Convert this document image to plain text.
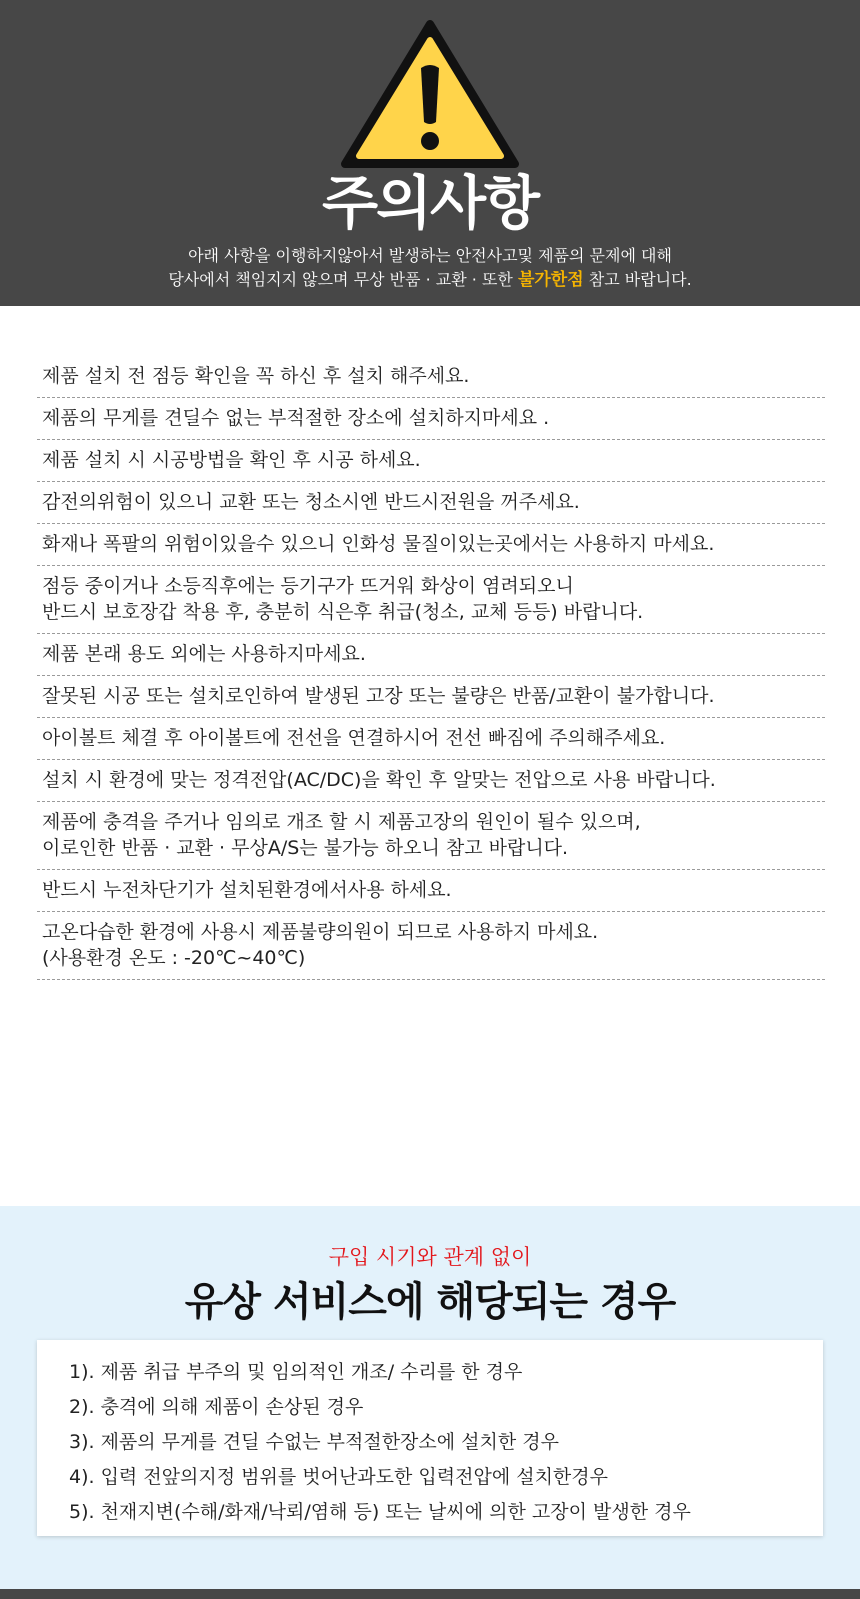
주의사항
아래 사항을 이행하지않아서 발생하는 안전사고및 제품의 문제에 대해
당사에서 책임지지 않으며 무상 반품 · 교환 · 또한 불가한점 참고 바랍니다.
제품 설치 전 점등 확인을 꼭 하신 후 설치 해주세요.
제품의 무게를 견딜수 없는 부적절한 장소에 설치하지마세요 .
제품 설치 시 시공방법을 확인 후 시공 하세요.
감전의위험이 있으니 교환 또는 청소시엔 반드시전원을 꺼주세요.
화재나 폭팔의 위험이있을수 있으니 인화성 물질이있는곳에서는 사용하지 마세요.
점등 중이거나 소등직후에는 등기구가 뜨거워 화상이 염려되오니
반드시 보호장갑 착용 후, 충분히 식은후 취급(청소, 교체 등등) 바랍니다.
제품 본래 용도 외에는 사용하지마세요.
잘못된 시공 또는 설치로인하여 발생된 고장 또는 불량은 반품/교환이 불가합니다.
아이볼트 체결 후 아이볼트에 전선을 연결하시어 전선 빠짐에 주의해주세요.
설치 시 환경에 맞는 정격전압(AC/DC)을 확인 후 알맞는 전압으로 사용 바랍니다.
제품에 충격을 주거나 임의로 개조 할 시 제품고장의 원인이 될수 있으며,
이로인한 반품 · 교환 · 무상A/S는 불가능 하오니 참고 바랍니다.
반드시 누전차단기가 설치된환경에서사용 하세요.
고온다습한 환경에 사용시 제품불량의원이 되므로 사용하지 마세요.
(사용환경 온도 : -20℃~40℃)
구입 시기와 관계 없이
유상 서비스에 해당되는 경우
1). 제품 취급 부주의 및 임의적인 개조/ 수리를 한 경우
2). 충격에 의해 제품이 손상된 경우
3). 제품의 무게를 견딜 수없는 부적절한장소에 설치한 경우
4). 입력 전앞의지정 범위를 벗어난과도한 입력전압에 설치한경우
5). 천재지변(수해/화재/낙뢰/염해 등) 또는 날씨에 의한 고장이 발생한 경우
